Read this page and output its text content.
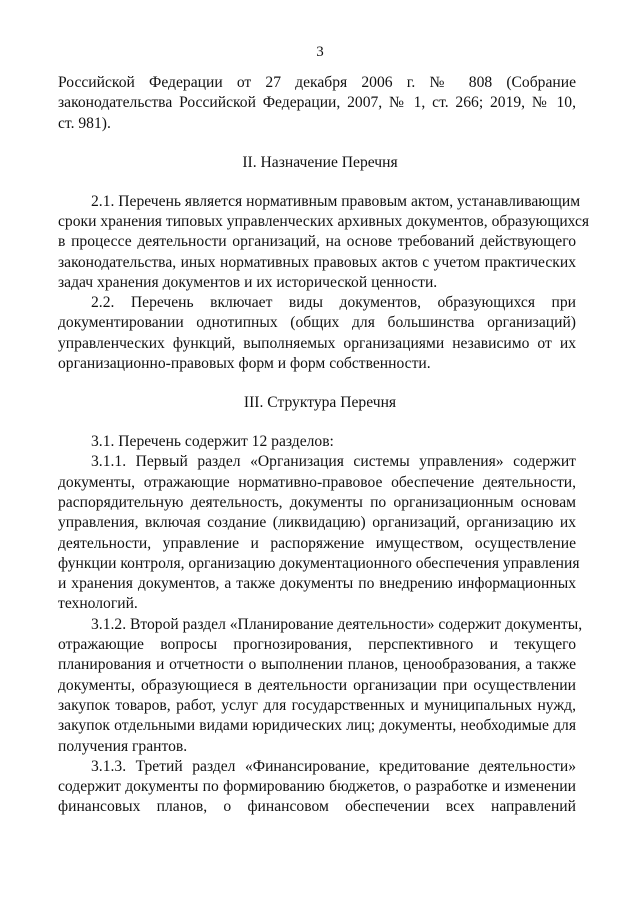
3
Российской Федерации от 27 декабря 2006 г. № 808 (Собрание
законодательства Российской Федерации, 2007, № 1, ст. 266; 2019, № 10,
ст. 981).
II. Назначение Перечня
2.1. Перечень является нормативным правовым актом, устанавливающим
сроки хранения типовых управленческих архивных документов, образующихся
в процессе деятельности организаций, на основе требований действующего
законодательства, иных нормативных правовых актов с учетом практических
задач хранения документов и их исторической ценности.
2.2. Перечень включает виды документов, образующихся при
документировании однотипных (общих для большинства организаций)
управленческих функций, выполняемых организациями независимо от их
организационно-правовых форм и форм собственности.
III. Структура Перечня
3.1. Перечень содержит 12 разделов:
3.1.1. Первый раздел «Организация системы управления» содержит
документы, отражающие нормативно-правовое обеспечение деятельности,
распорядительную деятельность, документы по организационным основам
управления, включая создание (ликвидацию) организаций, организацию их
деятельности, управление и распоряжение имуществом, осуществление
функции контроля, организацию документационного обеспечения управления
и хранения документов, а также документы по внедрению информационных
технологий.
3.1.2. Второй раздел «Планирование деятельности» содержит документы,
отражающие вопросы прогнозирования, перспективного и текущего
планирования и отчетности о выполнении планов, ценообразования, а также
документы, образующиеся в деятельности организации при осуществлении
закупок товаров, работ, услуг для государственных и муниципальных нужд,
закупок отдельными видами юридических лиц; документы, необходимые для
получения грантов.
3.1.3. Третий раздел «Финансирование, кредитование деятельности»
содержит документы по формированию бюджетов, о разработке и изменении
финансовых планов, о финансовом обеспечении всех направлений
